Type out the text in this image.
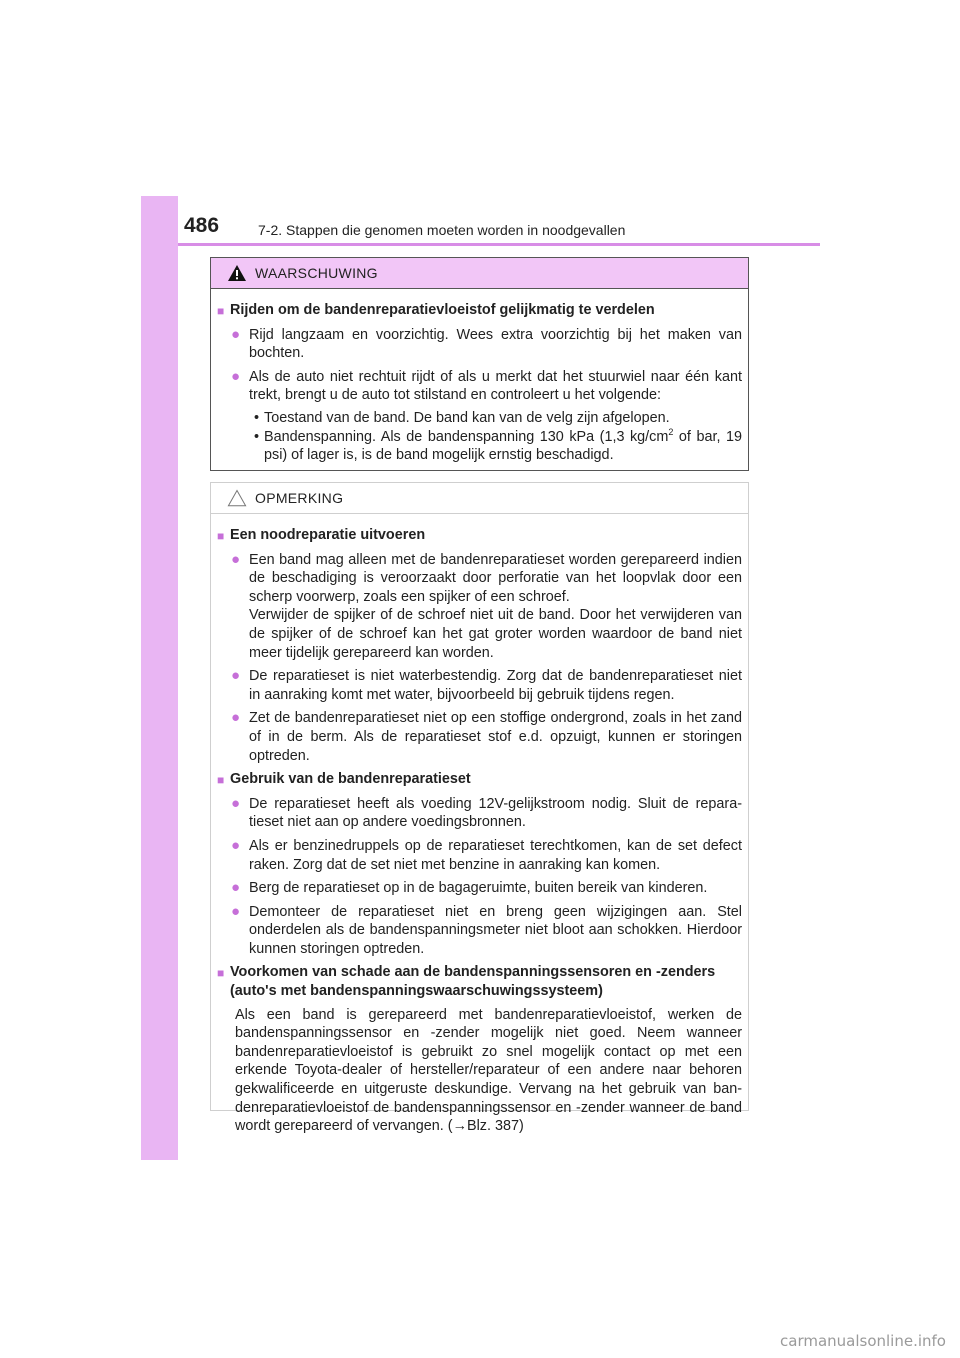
486	7-2. Stappen die genomen moeten worden in noodgevallen
WAARSCHUWING
■ Rijden om de bandenreparatievloeistof gelijkmatig te verdelen
● Rijd langzaam en voorzichtig. Wees extra voorzichtig bij het maken van bochten.
● Als de auto niet rechtuit rijdt of als u merkt dat het stuurwiel naar één kant trekt, brengt u de auto tot stilstand en controleert u het volgende:
• Toestand van de band. De band kan van de velg zijn afgelopen.
• Bandenspanning. Als de bandenspanning 130 kPa (1,3 $kg/cm^2$ of bar, 19 psi) of lager is, is de band mogelijk ernstig beschadigd.
OPMERKING
■ Een noodreparatie uitvoeren
● Een band mag alleen met de bandenreparatieset worden gerepareerd indien de beschadiging is veroorzaakt door perforatie van het loopvlak door een scherp voorwerp, zoals een spijker of een schroef.
Verwijder de spijker of de schroef niet uit de band. Door het verwijderen van de spijker of de schroef kan het gat groter worden waardoor de band niet meer tijdelijk gerepareerd kan worden.
● De reparatieset is niet waterbestendig. Zorg dat de bandenreparatieset niet in aanraking komt met water, bijvoorbeeld bij gebruik tijdens regen.
● Zet de bandenreparatieset niet op een stoffige ondergrond, zoals in het zand of in de berm. Als de reparatieset stof e.d. opzuigt, kunnen er storingen optreden.
■ Gebruik van de bandenreparatieset
● De reparatieset heeft als voeding 12V-gelijkstroom nodig. Sluit de reparatieset niet aan op andere voedingsbronnen.
● Als er benzinedruppels op de reparatieset terechtkomen, kan de set defect raken. Zorg dat de set niet met benzine in aanraking kan komen.
● Berg de reparatieset op in de bagageruimte, buiten bereik van kinderen.
● Demonteer de reparatieset niet en breng geen wijzigingen aan. Stel onderdelen als de bandenspanningsmeter niet bloot aan schokken. Hierdoor kunnen storingen optreden.
■ Voorkomen van schade aan de bandenspanningssensoren en -zenders (auto's met bandenspanningswaarschuwingssysteem)
Als een band is gerepareerd met bandenreparatievloeistof, werken de bandenspanningssensor en -zender mogelijk niet goed. Neem wanneer bandenreparatievloeistof is gebruikt zo snel mogelijk contact op met een erkende Toyota-dealer of hersteller/reparateur of een andere naar behoren gekwalificeerde en uitgeruste deskundige. Vervang na het gebruik van bandenreparatievloeistof de bandenspanningssensor en -zender wanneer de band wordt gerepareerd of vervangen. (→Blz. 387)
carmanualsonline.info
